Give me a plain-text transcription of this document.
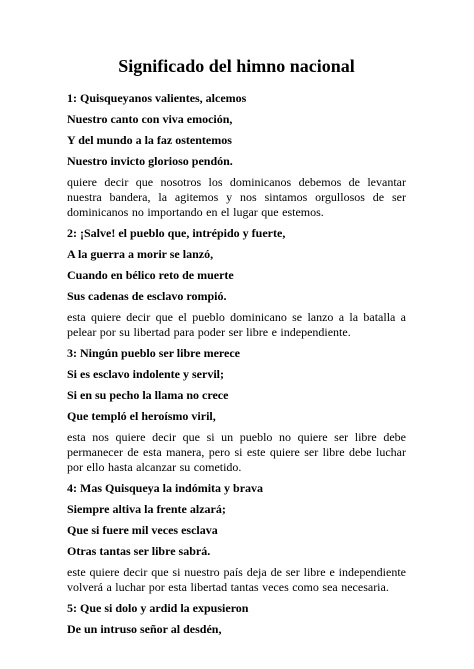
Significado del himno nacional

1: Quisqueyanos valientes, alcemos

Nuestro canto con viva emoción,

Y del mundo a la faz ostentemos

Nuestro invicto glorioso pendón.

quiere decir que nosotros los dominicanos debemos de levantar nuestra bandera, la agitemos y nos sintamos orgullosos de ser dominicanos no importando en el lugar que estemos.

2: ¡Salve! el pueblo que, intrépido y fuerte,

A la guerra a morir se lanzó,

Cuando en bélico reto de muerte

Sus cadenas de esclavo rompió.

esta quiere decir que el pueblo dominicano se lanzo a la batalla a pelear por su libertad para poder ser libre e independiente.

3: Ningún pueblo ser libre merece

Si es esclavo indolente y servil;

Si en su pecho la llama no crece

Que templó el heroísmo viril,

esta nos quiere decir que si un pueblo no quiere ser libre debe permanecer de esta manera, pero si este quiere ser libre debe luchar por ello hasta alcanzar su cometido.

4: Mas Quisqueya la indómita y brava

Siempre altiva la frente alzará;

Que si fuere mil veces esclava

Otras tantas ser libre sabrá.

este quiere decir que si nuestro país deja de ser libre e independiente volverá a luchar por esta libertad tantas veces como sea necesaria.

5: Que si dolo y ardid la expusieron

De un intruso señor al desdén,
